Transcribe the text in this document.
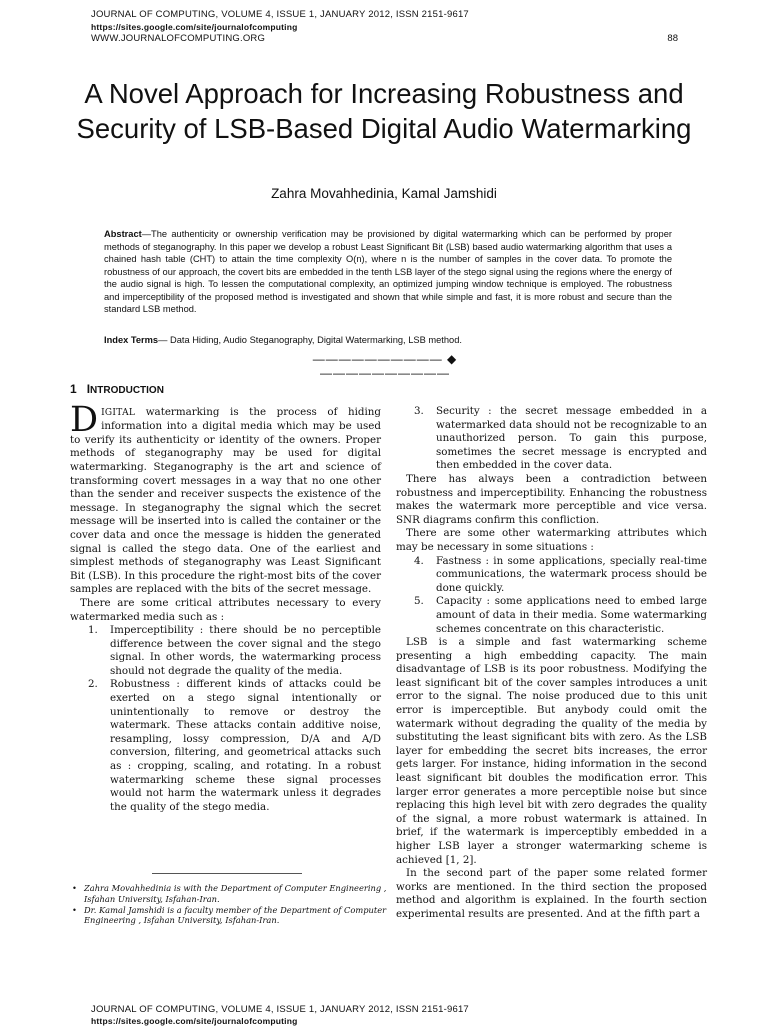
JOURNAL OF COMPUTING, VOLUME 4, ISSUE 1, JANUARY 2012, ISSN 2151-9617
https://sites.google.com/site/journalofcomputing
WWW.JOURNALOFCOMPUTING.ORG	88
A Novel Approach for Increasing Robustness and Security of LSB-Based Digital Audio Watermarking
Zahra Movahhedinia, Kamal Jamshidi
Abstract—The authenticity or ownership verification may be provisioned by digital watermarking which can be performed by proper methods of steganography. In this paper we develop a robust Least Significant Bit (LSB) based audio watermarking algorithm that uses a chained hash table (CHT) to attain the time complexity O(n), where n is the number of samples in the cover data. To promote the robustness of our approach, the covert bits are embedded in the tenth LSB layer of the stego signal using the regions where the energy of the audio signal is high. To lessen the computational complexity, an optimized jumping window technique is employed. The robustness and imperceptibility of the proposed method is investigated and shown that while simple and fast, it is more robust and secure than the standard LSB method.
Index Terms— Data Hiding, Audio Steganography, Digital Watermarking, LSB method.
—————————— ◆ ——————————
1 INTRODUCTION

DIGITAL watermarking is the process of hiding information into a digital media which may be used to verify its authenticity or identity of the owners. Proper methods of steganography may be used for digital watermarking. Steganography is the art and science of transforming covert messages in a way that no one other than the sender and receiver suspects the existence of the message. In steganography the signal which the secret message will be inserted into is called the container or the cover data and once the message is hidden the generated signal is called the stego data. One of the earliest and simplest methods of steganography was Least Significant Bit (LSB). In this procedure the right-most bits of the cover samples are replaced with the bits of the secret message.

There are some critical attributes necessary to every watermarked media such as :

1. Imperceptibility : there should be no perceptible difference between the cover signal and the stego signal. In other words, the watermarking process should not degrade the quality of the media.
2. Robustness : different kinds of attacks could be exerted on a stego signal intentionally or unintentionally to remove or destroy the watermark. These attacks contain additive noise, resampling, lossy compression, D/A and A/D conversion, filtering, and geometrical attacks such as : cropping, scaling, and rotating. In a robust watermarking scheme these signal processes would not harm the watermark unless it degrades the quality of the stego media.
3. Security : the secret message embedded in a watermarked data should not be recognizable to an unauthorized person. To gain this purpose, sometimes the secret message is encrypted and then embedded in the cover data.

There has always been a contradiction between robustness and imperceptibility. Enhancing the robustness makes the watermark more perceptible and vice versa. SNR diagrams confirm this confliction.

There are some other watermarking attributes which may be necessary in some situations :

4. Fastness : in some applications, specially real-time communications, the watermark process should be done quickly.
5. Capacity : some applications need to embed large amount of data in their media. Some watermarking schemes concentrate on this characteristic.

LSB is a simple and fast watermarking scheme presenting a high embedding capacity. The main disadvantage of LSB is its poor robustness. Modifying the least significant bit of the cover samples introduces a unit error to the signal. The noise produced due to this unit error is imperceptible. But anybody could omit the watermark without degrading the quality of the media by substituting the least significant bits with zero. As the LSB layer for embedding the secret bits increases, the error gets larger. For instance, hiding information in the second least significant bit doubles the modification error. This larger error generates a more perceptible noise but since replacing this high level bit with zero degrades the quality of the signal, a more robust watermark is attained. In brief, if the watermark is imperceptibly embedded in a higher LSB layer a stronger watermarking scheme is achieved [1, 2].

In the second part of the paper some related former works are mentioned. In the third section the proposed method and algorithm is explained. In the fourth section experimental results are presented. And at the fifth part a

• Zahra Movahhedinia is with the Department of Computer Engineering , Isfahan University, Isfahan-Iran.
• Dr. Kamal Jamshidi is a faculty member of the Department of Computer Engineering , Isfahan University, Isfahan-Iran.
JOURNAL OF COMPUTING, VOLUME 4, ISSUE 1, JANUARY 2012, ISSN 2151-9617
https://sites.google.com/site/journalofcomputing
